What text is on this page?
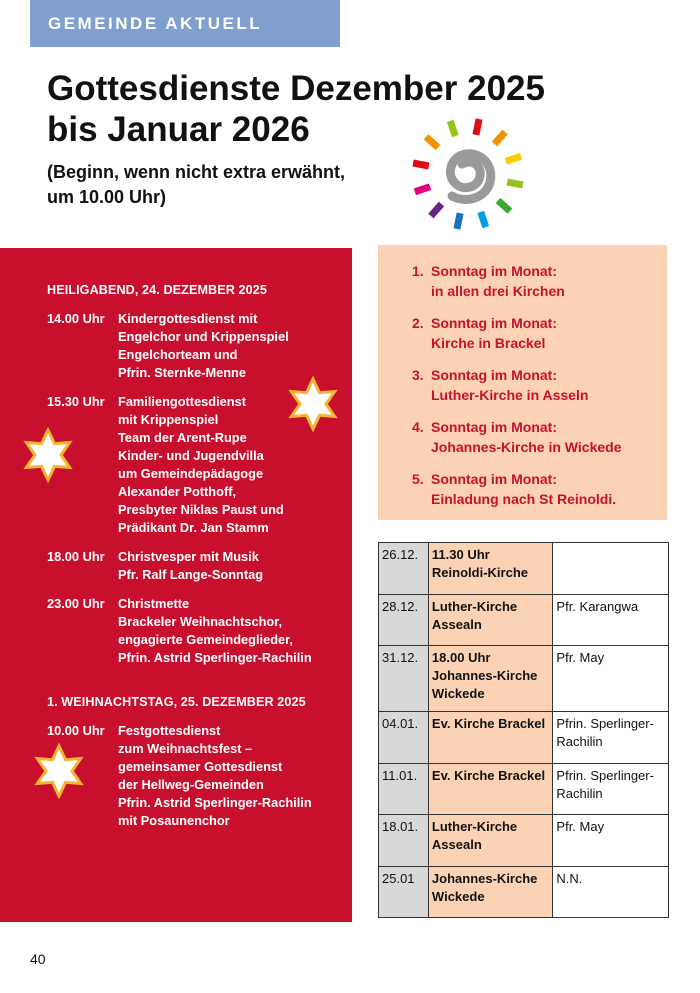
GEMEINDE AKTUELL
Gottesdienste Dezember 2025
bis Januar 2026
(Beginn, wenn nicht extra erwähnt,
um 10.00 Uhr)
HEILIGABEND, 24. DEZEMBER 2025
14.00 Uhr	Kindergottesdienst mit
Engelchor und Krippenspiel
Engelchorteam und
Pfrin. Sternke-Menne
15.30 Uhr	Familiengottesdienst
mit Krippenspiel
Team der Arent-Rupe
Kinder- und Jugendvilla
um Gemeindepädagoge
Alexander Potthoff,
Presbyter Niklas Paust und
Prädikant Dr. Jan Stamm
18.00 Uhr	Christvesper mit Musik
Pfr. Ralf Lange-Sonntag
23.00 Uhr	Christmette
Brackeler Weihnachtschor,
engagierte Gemeindeglieder,
Pfrin. Astrid Sperlinger-Rachilin
1. WEIHNACHTSTAG, 25. DEZEMBER 2025
10.00 Uhr	Festgottesdienst
zum Weihnachtsfest –
gemeinsamer Gottesdienst
der Hellweg-Gemeinden
Pfrin. Astrid Sperlinger-Rachilin
mit Posaunenchor
1. Sonntag im Monat:
in allen drei Kirchen
2. Sonntag im Monat:
Kirche in Brackel
3. Sonntag im Monat:
Luther-Kirche in Asseln
4. Sonntag im Monat:
Johannes-Kirche in Wickede
5. Sonntag im Monat:
Einladung nach St Reinoldi.
26.12.	11.30 Uhr
Reinoldi-Kirche	

28.12.	Luther-Kirche
Assealn	Pfr. Karangwa

31.12.	18.00 Uhr
Johannes-Kirche
Wickede	Pfr. May

04.01.	Ev. Kirche Brackel	Pfrin. Sperlinger-
Rachilin

11.01.	Ev. Kirche Brackel	Pfrin. Sperlinger-
Rachilin

18.01.	Luther-Kirche
Assealn	Pfr. May

25.01	Johannes-Kirche
Wickede	N.N.
40
